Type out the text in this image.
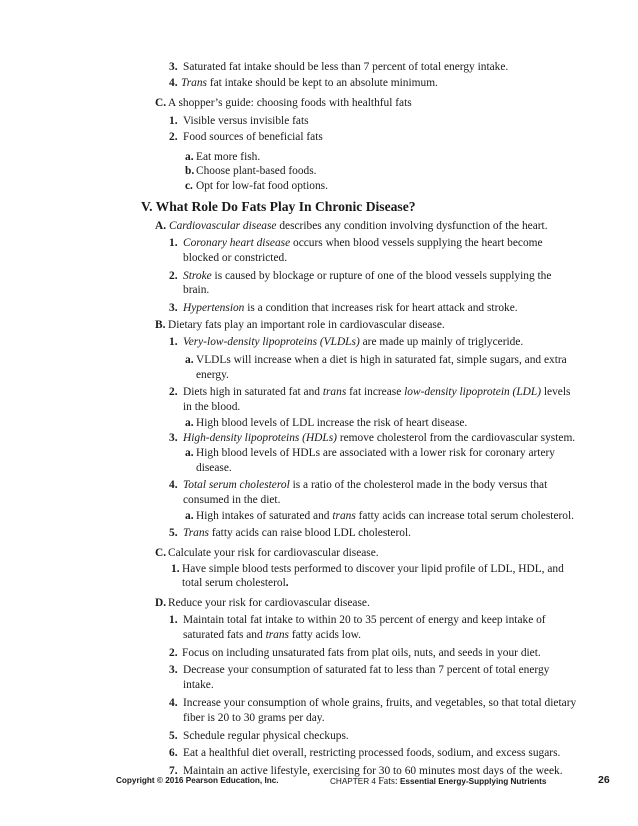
3. Saturated fat intake should be less than 7 percent of total energy intake.
4. Trans fat intake should be kept to an absolute minimum.
C. A shopper’s guide: choosing foods with healthful fats
1. Visible versus invisible fats
2. Food sources of beneficial fats
a. Eat more fish.
b. Choose plant-based foods.
c. Opt for low-fat food options.
A. Cardiovascular disease describes any condition involving dysfunction of the heart.
1. Coronary heart disease occurs when blood vessels supplying the heart become
blocked or constricted.
2. Stroke is caused by blockage or rupture of one of the blood vessels supplying the
brain.
3. Hypertension is a condition that increases risk for heart attack and stroke.
B. Dietary fats play an important role in cardiovascular disease.
1. Very-low-density lipoproteins (VLDLs) are made up mainly of triglyceride.
a. VLDLs will increase when a diet is high in saturated fat, simple sugars, and extra
energy.
2. Diets high in saturated fat and trans fat increase low-density lipoprotein (LDL) levels
in the blood.
a. High blood levels of LDL increase the risk of heart disease.
3. High-density lipoproteins (HDLs) remove cholesterol from the cardiovascular system.
a. High blood levels of HDLs are associated with a lower risk for coronary artery
disease.
4. Total serum cholesterol is a ratio of the cholesterol made in the body versus that
consumed in the diet.
a. High intakes of saturated and trans fatty acids can increase total serum cholesterol.
5. Trans fatty acids can raise blood LDL cholesterol.
C. Calculate your risk for cardiovascular disease.
1. Have simple blood tests performed to discover your lipid profile of LDL, HDL, and
total serum cholesterol.
D. Reduce your risk for cardiovascular disease.
1. Maintain total fat intake to within 20 to 35 percent of energy and keep intake of
saturated fats and trans fatty acids low.
2. Focus on including unsaturated fats from plat oils, nuts, and seeds in your diet.
3. Decrease your consumption of saturated fat to less than 7 percent of total energy
intake.
4. Increase your consumption of whole grains, fruits, and vegetables, so that total dietary
fiber is 20 to 30 grams per day.
5. Schedule regular physical checkups.
6. Eat a healthful diet overall, restricting processed foods, sodium, and excess sugars.
7. Maintain an active lifestyle, exercising for 30 to 60 minutes most days of the week.
V. What Role Do Fats Play In Chronic Disease?
Copyright © 2016 Pearson Education, Inc.	CHAPTER 4 Fats: Essential Energy-Supplying Nutrients	26
